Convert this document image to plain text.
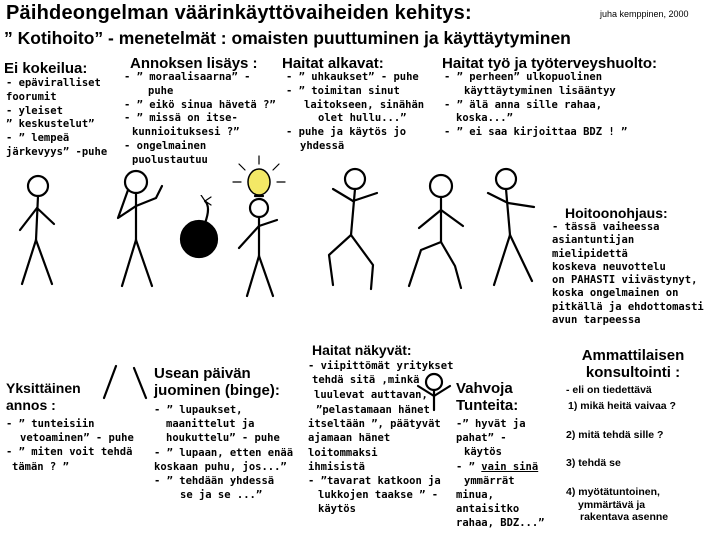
Päihdeongelman väärinkäyttövaiheiden kehitys:	juha kemppinen, 2000
” Kotihoito” - menetelmät : omaisten puuttuminen ja käyttäytyminen
Ei kokeilua:
- epäviralliset
foorumit
- yleiset
” keskustelut”
- ” lempeä
järkevyys” -puhe
Annoksen lisäys :
- ” moraalisaarna” -
puhe
- ” eikö sinua hävetä ?”
- ” missä on itse-
kunnioituksesi ?”
- ongelmainen
puolustautuu
Haitat alkavat:
- ” uhkaukset” - puhe
- ” toimitan sinut
laitokseen, sinähän
olet hullu...”
- puhe ja käytös jo
yhdessä
Haitat työ ja työterveyshuolto:
- ” perheen” ulkopuolinen
käyttäytyminen lisääntyy
- ” älä anna sille rahaa,
koska...”
- ” ei saa kirjoittaa BDZ ! ”
Hoitoonohjaus:
- tässä vaiheessa
asiantuntijan
mielipidettä
koskeva neuvottelu
on PAHASTI viivästynyt,
koska ongelmainen on
pitkällä ja ehdottomasti
avun tarpeessa
Yksittäinen
annos :
- ” tunteisiin
vetoaminen” - puhe
- ” miten voit tehdä
tämän ? ”
Usean päivän
juominen (binge):
- ” lupaukset,
maanittelut ja
houkuttelu” - puhe
- ” lupaan, etten enää
koskaan puhu, jos...”
- ” tehdään yhdessä
se ja se ...”
Haitat näkyvät:
- viipittömät yritykset
tehdä sitä ,minkä
luulevat auttavan,
”pelastamaan hänet
itseltään ”, päätyvät
ajamaan hänet
loitommaksi
ihmisistä
- ”tavarat katkoon ja
lukkojen taakse ” -
käytös
Vahvoja
Tunteita:
-” hyvät ja
pahat” -
käytös
- ” vain sinä
ymmärrät
minua,
antaisitko
rahaa, BDZ...”
Ammattilaisen
konsultointi :
- eli on tiedettävä
1) mikä heitä vaivaa ?
2) mitä tehdä sille ?
3) tehdä se
4) myötätuntoinen,
ymmärtävä ja
rakentava asenne
